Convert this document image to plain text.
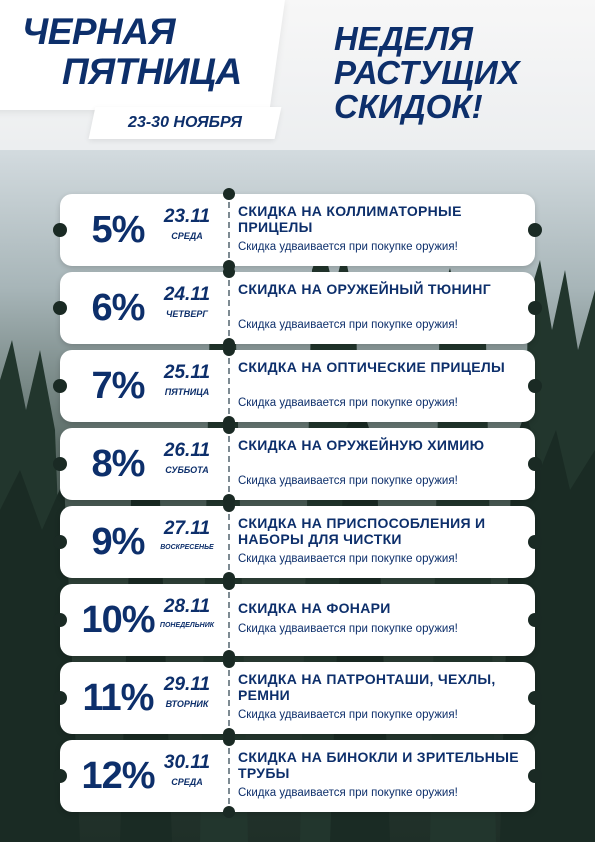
ЧЕРНАЯ
ПЯТНИЦА
23-30 НОЯБРЯ
НЕДЕЛЯ
РАСТУЩИХ
СКИДОК!
5%	23.11
СРЕДА
СКИДКА НА КОЛЛИМАТОРНЫЕ ПРИЦЕЛЫ
Скидка удваивается при покупке оружия!
6%	24.11
ЧЕТВЕРГ
СКИДКА НА ОРУЖЕЙНЫЙ ТЮНИНГ
Скидка удваивается при покупке оружия!
7%	25.11
ПЯТНИЦА
СКИДКА НА ОПТИЧЕСКИЕ ПРИЦЕЛЫ
Скидка удваивается при покупке оружия!
8%	26.11
СУББОТА
СКИДКА НА ОРУЖЕЙНУЮ ХИМИЮ
Скидка удваивается при покупке оружия!
9%	27.11
ВОСКРЕСЕНЬЕ
СКИДКА НА ПРИСПОСОБЛЕНИЯ И НАБОРЫ ДЛЯ ЧИСТКИ
Скидка удваивается при покупке оружия!
10% 28.11
ПОНЕДЕЛЬНИК
СКИДКА НА ФОНАРИ
Скидка удваивается при покупке оружия!
11% 29.11
ВТОРНИК
СКИДКА НА ПАТРОНТАШИ, ЧЕХЛЫ, РЕМНИ
Скидка удваивается при покупке оружия!
12% 30.11
СРЕДА
СКИДКА НА БИНОКЛИ И ЗРИТЕЛЬНЫЕ ТРУБЫ
Скидка удваивается при покупке оружия!
